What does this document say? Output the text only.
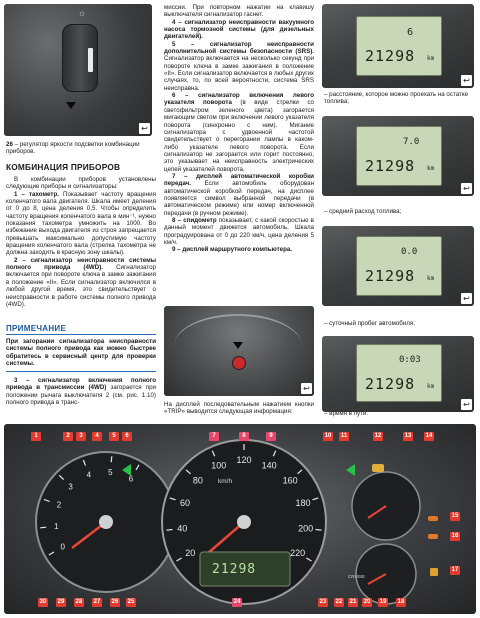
☼
↩
26 – регулятор яркости подсветки комбинации приборов.
КОМБИНАЦИЯ ПРИБОРОВ

В комбинации приборов установлены следующие приборы и сигнализаторы:

1 – тахометр. Показывает частоту вращения коленчатого вала двигателя. Шкала имеет деления от 0 до 8, цена деления 0,5. Чтобы определить частоту вращения коленчатого вала в мин⁻¹, нужно показания тахометра умножить на 1000. Во избежание выхода двигателя из строя запрещается превышать максимально допустимую частоту вращения коленчатого вала (стрелка тахометра не должна заходить в красную зону шкалы).

2 – сигнализатор неисправности системы полного привода (4WD). Сигнализатор включается при повороте ключа в замке зажигания в положение «II». Если сигнализатор включился в любой другой время, это свидетельствует о неисправности в работе системы полного привода (4WD).

ПРИМЕЧАНИЕ
При загорании сигнализатора неисправности системы полного привода как можно быстрее обратитесь в сервисный центр для проверки системы.

3 – сигнализатор включения полного привода в трансмиссии (4WD) загорается при положении рычага выключателя 2 (см. рис. 1.10) полного привода в транс-

миссии. При повторном нажатии на клавишу выключателя сигнализатор гаснет.

4 – сигнализатор неисправности вакуумного насоса тормозной системы (для дизельных двигателей).

5 – сигнализатор неисправности дополнительной системы безопасности (SRS). Сигнализатор включается на несколько секунд при повороте ключа в замке зажигания в положение «II». Если сигнализатор включается в любых других случаях, то, по всей вероятности, система SRS неисправна.

6 – сигнализатор включения левого указателя поворота (в виде стрелки со светофильтром зеленого цвета) загорается мигающим светом при включении левого указателя поворота (синхронно с ним). Мигание сигнализатора с удвоенной частотой свидетельствует о перегорании лампы в каком-либо указателе левого поворота. Если сигнализатор не загорается или горит постоянно, это указывает на неисправность электрических цепей указателей поворота.

7 – дисплей автоматической коробки передач. Если автомобиль оборудован автоматической коробкой передач, на дисплее появляется символ выбранной передачи (в автоматическом режиме) или номер включенной передачи (в ручном режиме).

8 – спидометр показывает, с какой скоростью в данный момент движется автомобиль. Шкала проградуирована от 0 до 220 км/ч, цена деления 5 км/ч.

9 – дисплей маршрутного компьютера.

↩
На дисплей последовательным нажатием кнопки «TRIP» выводится следующая информация:
6
21298 km
↩
– расстояние, которое можно проехать на остатке топлива;
7.0
21298 km
↩
– средний расход топлива;
0.0
21298 km
↩
– суточный пробег автомобиля;
0:03
21298 km
↩
– время в пути.
0
1
2
3
4 5
6
20
40
60
80
100
120
140
160
180
200
220
km/h
21298	CRUISE
1	2	3	4	5	6	7	8	9	10	11	12	13 14
15
16
17
30 29 28 27 26 25	24	23 22 21 20 19 18
